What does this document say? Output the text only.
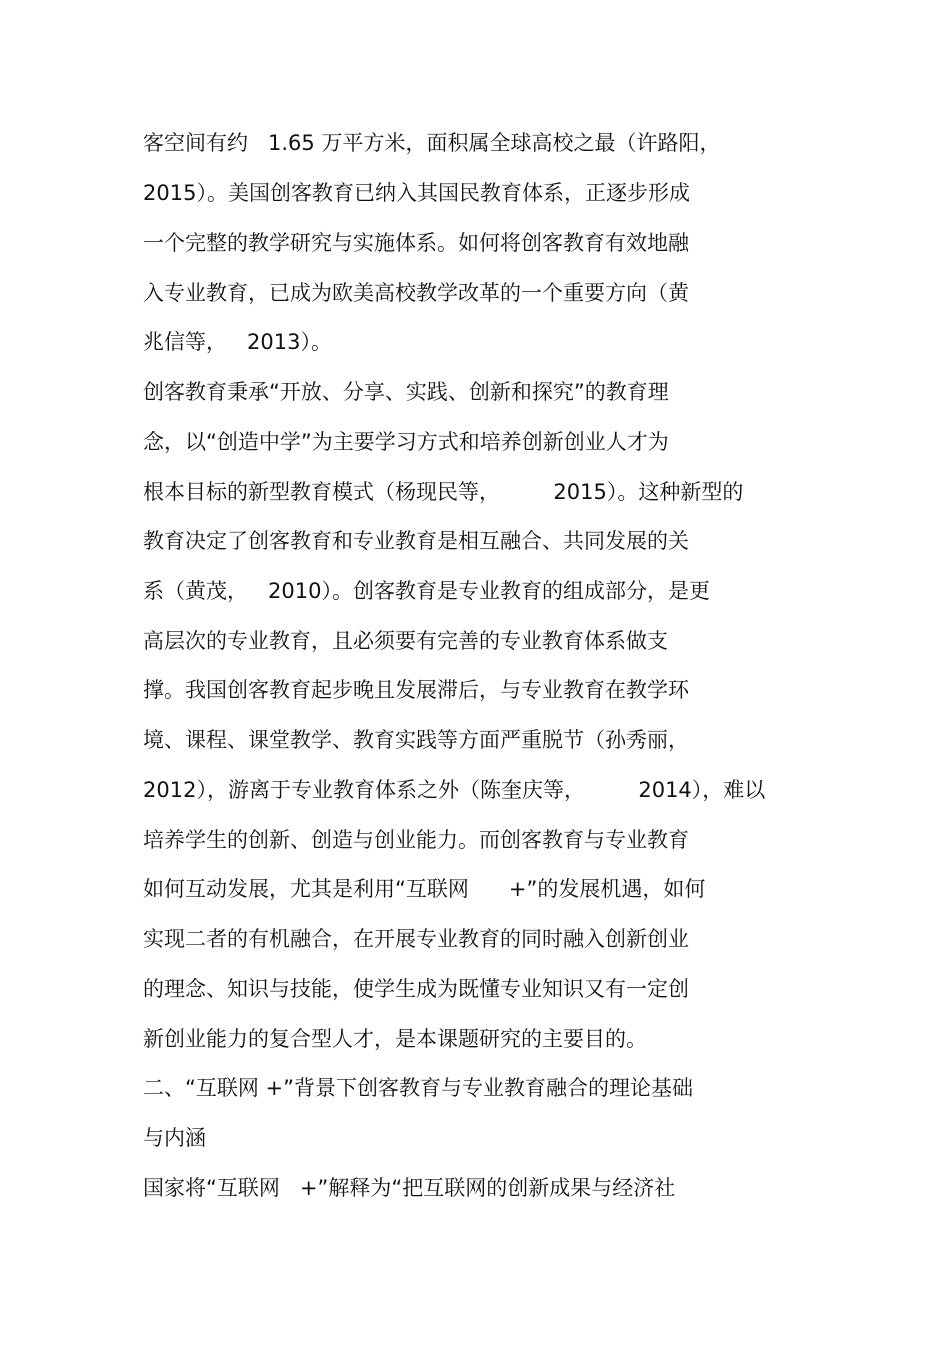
客空间有约   1.65 万平方米，面积属全球高校之最（许路阳，
2015）。美国创客教育已纳入其国民教育体系，正逐步形成
一个完整的教学研究与实施体系。如何将创客教育有效地融
入专业教育，已成为欧美高校教学改革的一个重要方向（黄
兆信等，   2013）。
创客教育秉承“开放、分享、实践、创新和探究”的教育理
念，以“创造中学”为主要学习方式和培养创新创业人才为
根本目标的新型教育模式（杨现民等，        2015）。这种新型的
教育决定了创客教育和专业教育是相互融合、共同发展的关
系（黄茂，   2010）。创客教育是专业教育的组成部分，是更
高层次的专业教育，且必须要有完善的专业教育体系做支
撑。我国创客教育起步晚且发展滞后，与专业教育在教学环
境、课程、课堂教学、教育实践等方面严重脱节（孙秀丽，
2012），游离于专业教育体系之外（陈奎庆等，        2014），难以
培养学生的创新、创造与创业能力。而创客教育与专业教育
如何互动发展，尤其是利用“互联网      +”的发展机遇，如何
实现二者的有机融合，在开展专业教育的同时融入创新创业
的理念、知识与技能，使学生成为既懂专业知识又有一定创
新创业能力的复合型人才，是本课题研究的主要目的。
二、“互联网 +”背景下创客教育与专业教育融合的理论基础
与内涵
国家将“互联网   +”解释为“把互联网的创新成果与经济社
